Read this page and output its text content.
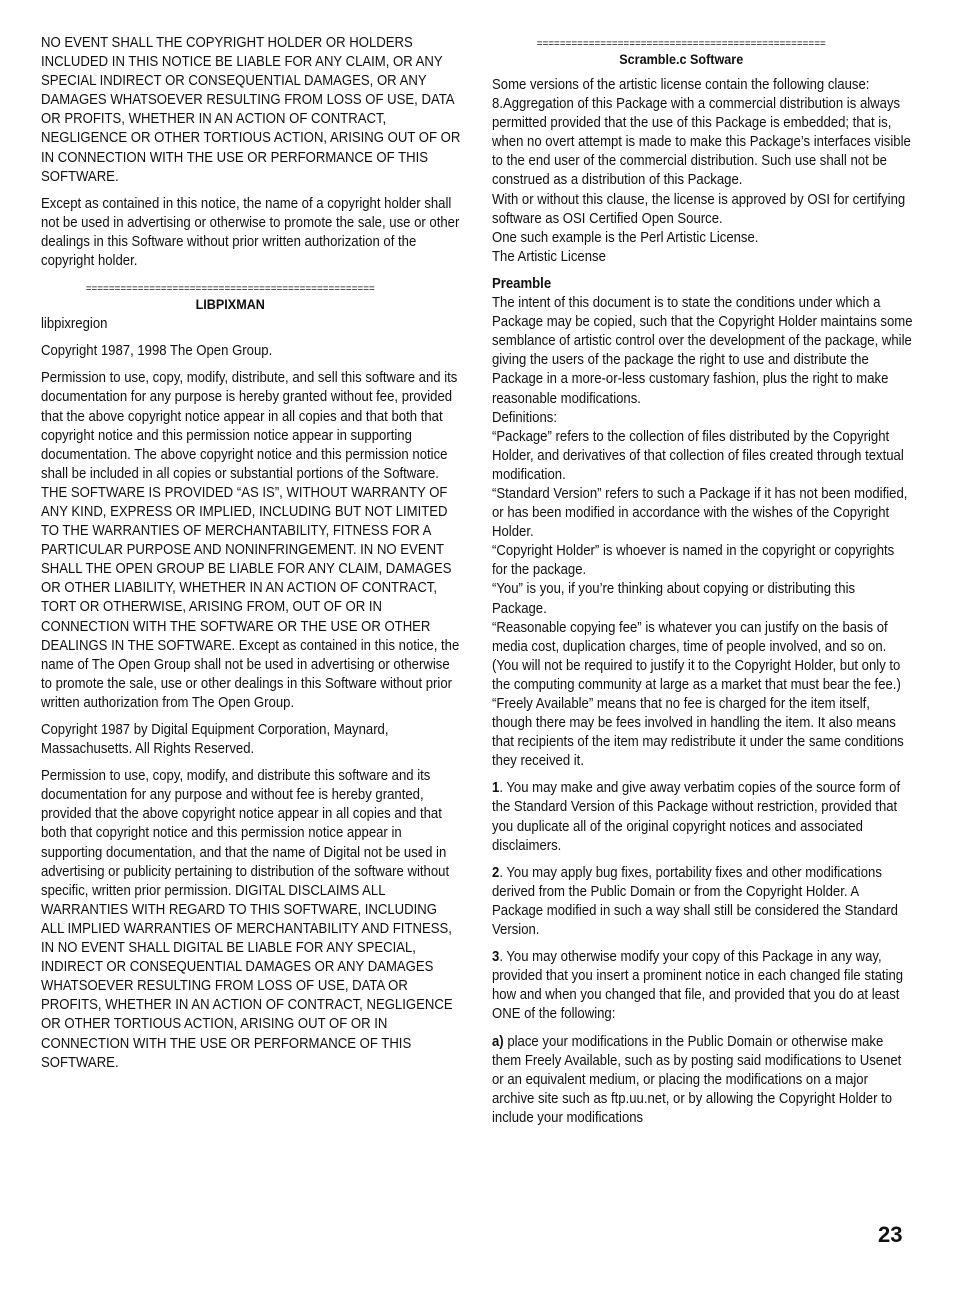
NO EVENT SHALL THE COPYRIGHT HOLDER OR HOLDERS INCLUDED IN THIS NOTICE BE LIABLE FOR ANY CLAIM, OR ANY SPECIAL INDIRECT OR CONSEQUENTIAL DAMAGES, OR ANY DAMAGES WHATSOEVER RESULTING FROM LOSS OF USE, DATA OR PROFITS, WHETHER IN AN ACTION OF CONTRACT, NEGLIGENCE OR OTHER TORTIOUS ACTION, ARISING OUT OF OR IN CONNECTION WITH THE USE OR PERFORMANCE OF THIS SOFTWARE.

Except as contained in this notice, the name of a copyright holder shall not be used in advertising or otherwise to promote the sale, use or other dealings in this Software without prior written authorization of the copyright holder.

==================================================
LIBPIXMAN

libpixregion

Copyright 1987, 1998 The Open Group.

Permission to use, copy, modify, distribute, and sell this software and its documentation for any purpose is hereby granted without fee, provided that the above copyright notice appear in all copies and that both that copyright notice and this permission notice appear in supporting documentation. The above copyright notice and this permission notice shall be included in all copies or substantial portions of the Software. THE SOFTWARE IS PROVIDED “AS IS”, WITHOUT WARRANTY OF ANY KIND, EXPRESS OR IMPLIED, INCLUDING BUT NOT LIMITED TO THE WARRANTIES OF MERCHANTABILITY, FITNESS FOR A PARTICULAR PURPOSE AND NONINFRINGEMENT. IN NO EVENT SHALL THE OPEN GROUP BE LIABLE FOR ANY CLAIM, DAMAGES OR OTHER LIABILITY, WHETHER IN AN ACTION OF CONTRACT, TORT OR OTHERWISE, ARISING FROM, OUT OF OR IN CONNECTION WITH THE SOFTWARE OR THE USE OR OTHER DEALINGS IN THE SOFTWARE. Except as contained in this notice, the name of The Open Group shall not be used in advertising or otherwise to promote the sale, use or other dealings in this Software without prior written authorization from The Open Group.

Copyright 1987 by Digital Equipment Corporation, Maynard, Massachusetts. All Rights Reserved.

Permission to use, copy, modify, and distribute this software and its documentation for any purpose and without fee is hereby granted, provided that the above copyright notice appear in all copies and that both that copyright notice and this permission notice appear in supporting documentation, and that the name of Digital not be used in advertising or publicity pertaining to distribution of the software without specific, written prior permission. DIGITAL DISCLAIMS ALL WARRANTIES WITH REGARD TO THIS SOFTWARE, INCLUDING ALL IMPLIED WARRANTIES OF MERCHANTABILITY AND FITNESS, IN NO EVENT SHALL DIGITAL BE LIABLE FOR ANY SPECIAL, INDIRECT OR CONSEQUENTIAL DAMAGES OR ANY DAMAGES WHATSOEVER RESULTING FROM LOSS OF USE, DATA OR PROFITS, WHETHER IN AN ACTION OF CONTRACT, NEGLIGENCE OR OTHER TORTIOUS ACTION, ARISING OUT OF OR IN CONNECTION WITH THE USE OR PERFORMANCE OF THIS SOFTWARE.

==================================================
Scramble.c Software

Some versions of the artistic license contain the following clause:

8.Aggregation of this Package with a commercial distribution is always permitted provided that the use of this Package is embedded; that is, when no overt attempt is made to make this Package’s interfaces visible to the end user of the commercial distribution. Such use shall not be construed as a distribution of this Package.

With or without this clause, the license is approved by OSI for certifying software as OSI Certified Open Source.

One such example is the Perl Artistic License.

The Artistic License

Preamble

The intent of this document is to state the conditions under which a Package may be copied, such that the Copyright Holder maintains some semblance of artistic control over the development of the package, while giving the users of the package the right to use and distribute the Package in a more-or-less customary fashion, plus the right to make reasonable modifications.

Definitions:

“Package” refers to the collection of files distributed by the Copyright Holder, and derivatives of that collection of files created through textual modification.

“Standard Version” refers to such a Package if it has not been modified, or has been modified in accordance with the wishes of the Copyright Holder.

“Copyright Holder” is whoever is named in the copyright or copyrights for the package.

“You” is you, if you’re thinking about copying or distributing this Package.

“Reasonable copying fee” is whatever you can justify on the basis of media cost, duplication charges, time of people involved, and so on. (You will not be required to justify it to the Copyright Holder, but only to the computing community at large as a market that must bear the fee.)

“Freely Available” means that no fee is charged for the item itself, though there may be fees involved in handling the item. It also means that recipients of the item may redistribute it under the same conditions they received it.

1. You may make and give away verbatim copies of the source form of the Standard Version of this Package without restriction, provided that you duplicate all of the original copyright notices and associated disclaimers.

2. You may apply bug fixes, portability fixes and other modifications derived from the Public Domain or from the Copyright Holder. A Package modified in such a way shall still be considered the Standard Version.

3. You may otherwise modify your copy of this Package in any way, provided that you insert a prominent notice in each changed file stating how and when you changed that file, and provided that you do at least ONE of the following:

a) place your modifications in the Public Domain or otherwise make them Freely Available, such as by posting said modifications to Usenet or an equivalent medium, or placing the modifications on a major archive site such as ftp.uu.net, or by allowing the Copyright Holder to include your modifications

23
